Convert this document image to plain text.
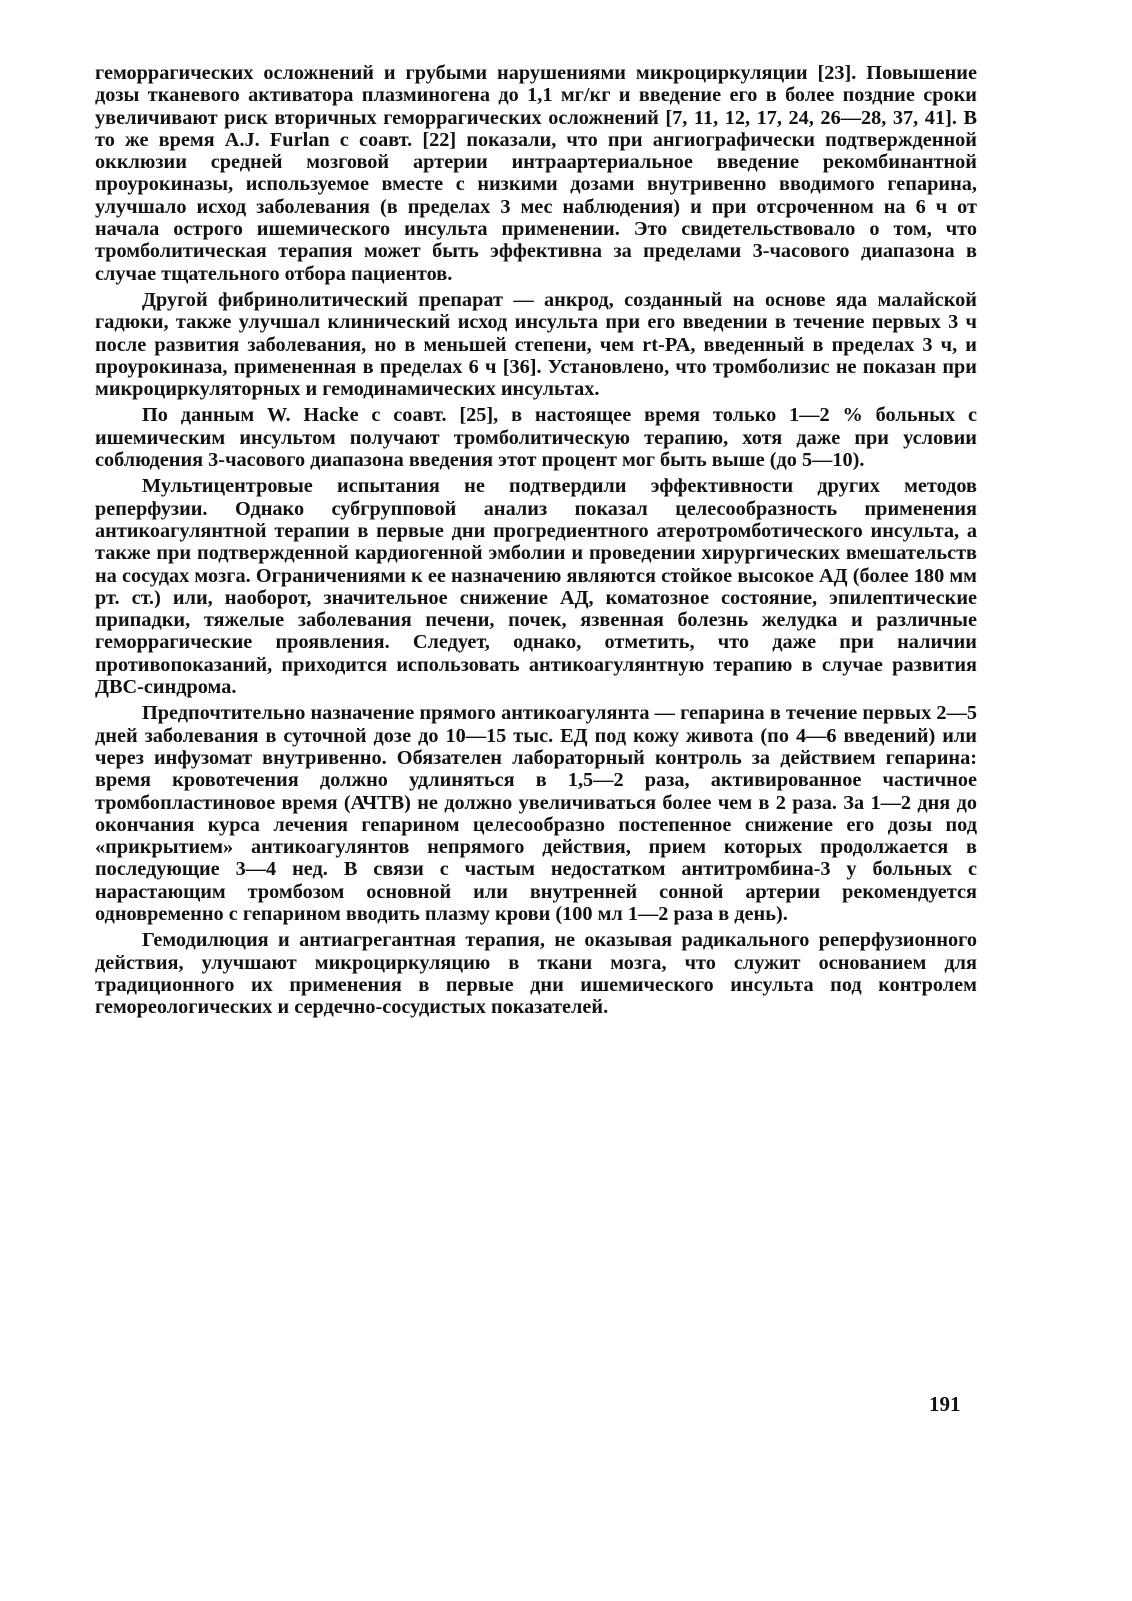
геморрагических осложнений и грубыми нарушениями микроциркуляции [23]. Повышение дозы тканевого активатора плазминогена до 1,1 мг/кг и введение его в более поздние сроки увеличивают риск вторичных геморрагических осложнений [7, 11, 12, 17, 24, 26—28, 37, 41]. В то же время A.J. Furlan с соавт. [22] показали, что при ангиографически подтвержденной окклюзии средней мозговой артерии интраартериальное введение рекомбинантной проурокиназы, используемое вместе с низкими дозами внутривенно вводимого гепарина, улучшало исход заболевания (в пределах 3 мес наблюдения) и при отсроченном на 6 ч от начала острого ишемического инсульта применении. Это свидетельствовало о том, что тромболитическая терапия может быть эффективна за пределами 3-часового диапазона в случае тщательного отбора пациентов.

Другой фибринолитический препарат — анкрод, созданный на основе яда малайской гадюки, также улучшал клинический исход инсульта при его введении в течение первых 3 ч после развития заболевания, но в меньшей степени, чем rt-PA, введенный в пределах 3 ч, и проурокиназа, примененная в пределах 6 ч [36]. Установлено, что тромболизис не показан при микроциркуляторных и гемодинамических инсультах.

По данным W. Hacke с соавт. [25], в настоящее время только 1—2 % больных с ишемическим инсультом получают тромболитическую терапию, хотя даже при условии соблюдения 3-часового диапазона введения этот процент мог быть выше (до 5—10).

Мультицентровые испытания не подтвердили эффективности других методов реперфузии. Однако субгрупповой анализ показал целесообразность применения антикоагулянтной терапии в первые дни прогредиентного атеротромботического инсульта, а также при подтвержденной кардиогенной эмболии и проведении хирургических вмешательств на сосудах мозга. Ограничениями к ее назначению являются стойкое высокое АД (более 180 мм рт. ст.) или, наоборот, значительное снижение АД, коматозное состояние, эпилептические припадки, тяжелые заболевания печени, почек, язвенная болезнь желудка и различные геморрагические проявления. Следует, однако, отметить, что даже при наличии противопоказаний, приходится использовать антикоагулянтную терапию в случае развития ДВС-синдрома.

Предпочтительно назначение прямого антикоагулянта — гепарина в течение первых 2—5 дней заболевания в суточной дозе до 10—15 тыс. ЕД под кожу живота (по 4—6 введений) или через инфузомат внутривенно. Обязателен лабораторный контроль за действием гепарина: время кровотечения должно удлиняться в 1,5—2 раза, активированное частичное тромбопластиновое время (АЧТВ) не должно увеличиваться более чем в 2 раза. За 1—2 дня до окончания курса лечения гепарином целесообразно постепенное снижение его дозы под «прикрытием» антикоагулянтов непрямого действия, прием которых продолжается в последующие 3—4 нед. В связи с частым недостатком антитромбина-3 у больных с нарастающим тромбозом основной или внутренней сонной артерии рекомендуется одновременно с гепарином вводить плазму крови (100 мл 1—2 раза в день).

Гемодилюция и антиагрегантная терапия, не оказывая радикального реперфузионного действия, улучшают микроциркуляцию в ткани мозга, что служит основанием для традиционного их применения в первые дни ишемического инсульта под контролем гемореологических и сердечно-сосудистых показателей.

191
